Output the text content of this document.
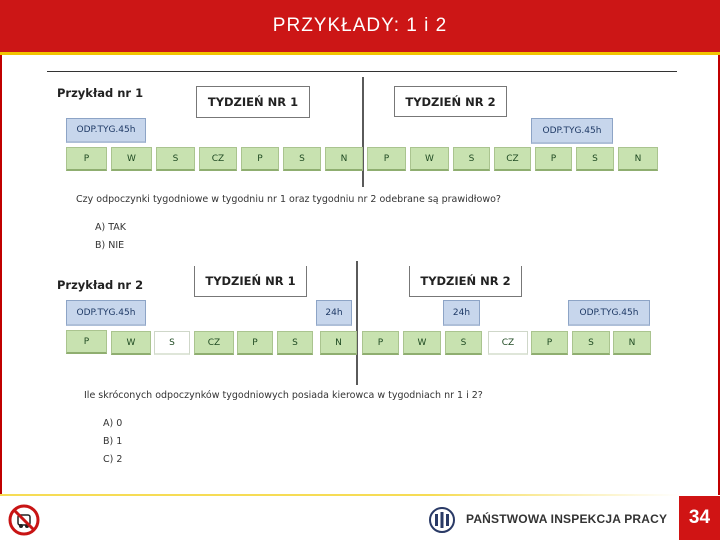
PRZYKŁADY: 1 i 2
Przykład nr 1
TYDZIEŃ NR 1	TYDZIEŃ NR 2
ODP.TYG.45h	ODP.TYG.45h
P	W	S	CZ	P	S	N	P	W	S	CZ	P	S	N
Czy odpoczynki tygodniowe w tygodniu nr 1 oraz tygodniu nr 2 odebrane są prawidłowo?
A) TAK
B) NIE
Przykład nr 2	TYDZIEŃ NR 1	TYDZIEŃ NR 2
ODP.TYG.45h	24h	24h	ODP.TYG.45h
P	W	S	CZ	P	S	N	P	W	S	CZ	P	S	N
Ile skróconych odpoczynków tygodniowych posiada kierowca w tygodniach nr 1 i 2?
A) 0
B) 1
C) 2
PAŃSTWOWA INSPEKCJA PRACY	34
